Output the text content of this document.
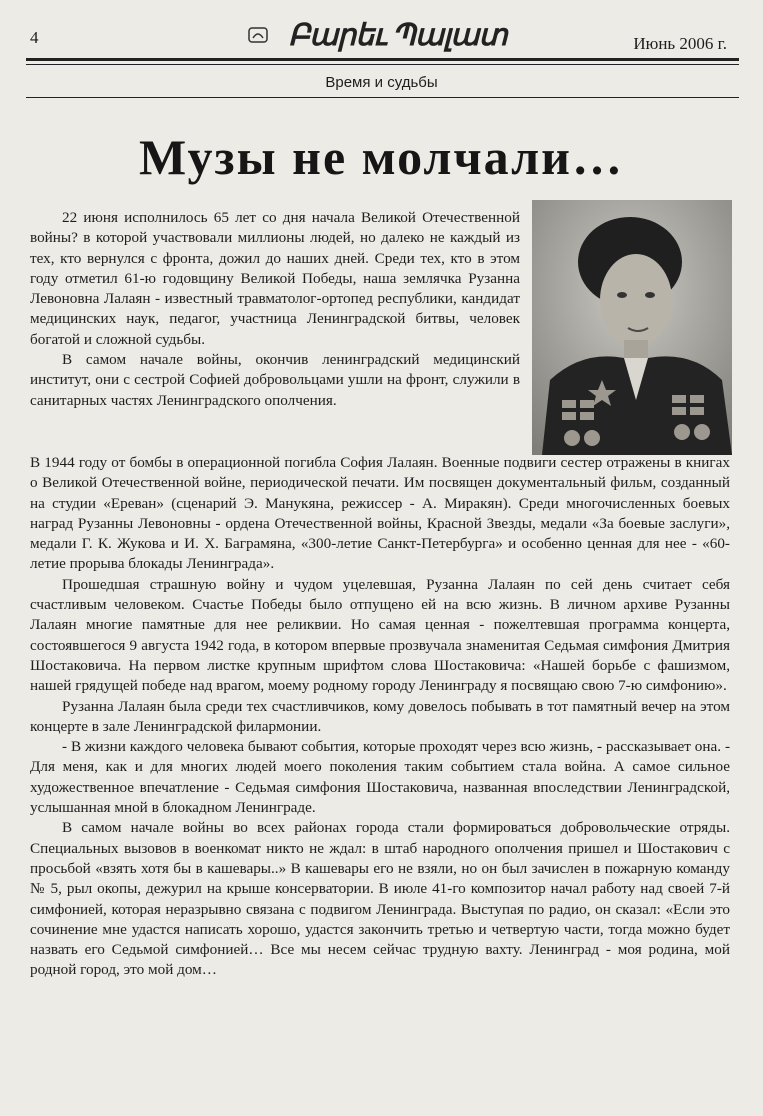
4	Բարեւ Պալատ	Июнь 2006 г.
Время и судьбы
Музы не молчали…

22 июня исполнилось 65 лет со дня начала Великой Отечественной войны? в которой участвовали миллионы людей, но далеко не каждый из тех, кто вернулся с фронта, дожил до наших дней. Среди тех, кто в этом году отметил 61-ю годовщину Великой Победы, наша землячка Рузанна Левоновна Лалаян - известный травматолог-ортопед республики, кандидат медицинских наук, педагог, участница Ленинградской битвы, человек богатой и сложной судьбы.

В самом начале войны, окончив ленинградский медицинский институт, они с сестрой Софией добровольцами ушли на фронт, служили в санитарных частях Ленинградского ополчения.

В 1944 году от бомбы в операционной погибла София Лалаян. Военные подвиги сестер отражены в книгах о Великой Отечественной войне, периодической печати. Им посвящен документальный фильм, созданный на студии «Ереван» (сценарий Э. Манукяна, режиссер - А. Миракян). Среди многочисленных боевых наград Рузанны Левоновны - ордена Отечественной войны, Красной Звезды, медали «За боевые заслуги», медали Г. К. Жукова и И. Х. Баграмяна, «300-летие Санкт-Петербурга» и особенно ценная для нее - «60-летие прорыва блокады Ленинграда».

Прошедшая страшную войну и чудом уцелевшая, Рузанна Лалаян по сей день считает себя счастливым человеком. Счастье Победы было отпущено ей на всю жизнь. В личном архиве Рузанны Лалаян многие памятные для нее реликвии. Но самая ценная - пожелтевшая программа концерта, состоявшегося 9 августа 1942 года, в котором впервые прозвучала знаменитая Седьмая симфония Дмитрия Шостаковича. На первом листке крупным шрифтом слова Шостаковича: «Нашей борьбе с фашизмом, нашей грядущей победе над врагом, моему родному городу Ленинграду я посвящаю свою 7-ю симфонию».

Рузанна Лалаян была среди тех счастливчиков, кому довелось побывать в тот памятный вечер на этом концерте в зале Ленинградской филармонии.

- В жизни каждого человека бывают события, которые проходят через всю жизнь, - рассказывает она. - Для меня, как и для многих людей моего поколения таким событием стала война. А самое сильное художественное впечатление - Седьмая симфония Шостаковича, названная впоследствии Ленинградской, услышанная мной в блокадном Ленинграде.

В самом начале войны во всех районах города стали формироваться добровольческие отряды. Специальных вызовов в военкомат никто не ждал: в штаб народного ополчения пришел и Шостакович с просьбой «взять хотя бы в кашевары..» В кашевары его не взяли, но он был зачислен в пожарную команду № 5, рыл окопы, дежурил на крыше консерватории. В июле 41-го композитор начал работу над своей 7-й симфонией, которая неразрывно связана с подвигом Ленинграда. Выступая по радио, он сказал: «Если это сочинение мне удастся написать хорошо, удастся закончить третью и четвертую части, тогда можно будет назвать его Седьмой симфонией… Все мы несем сейчас трудную вахту. Ленинград - моя родина, мой родной город, это мой дом…
